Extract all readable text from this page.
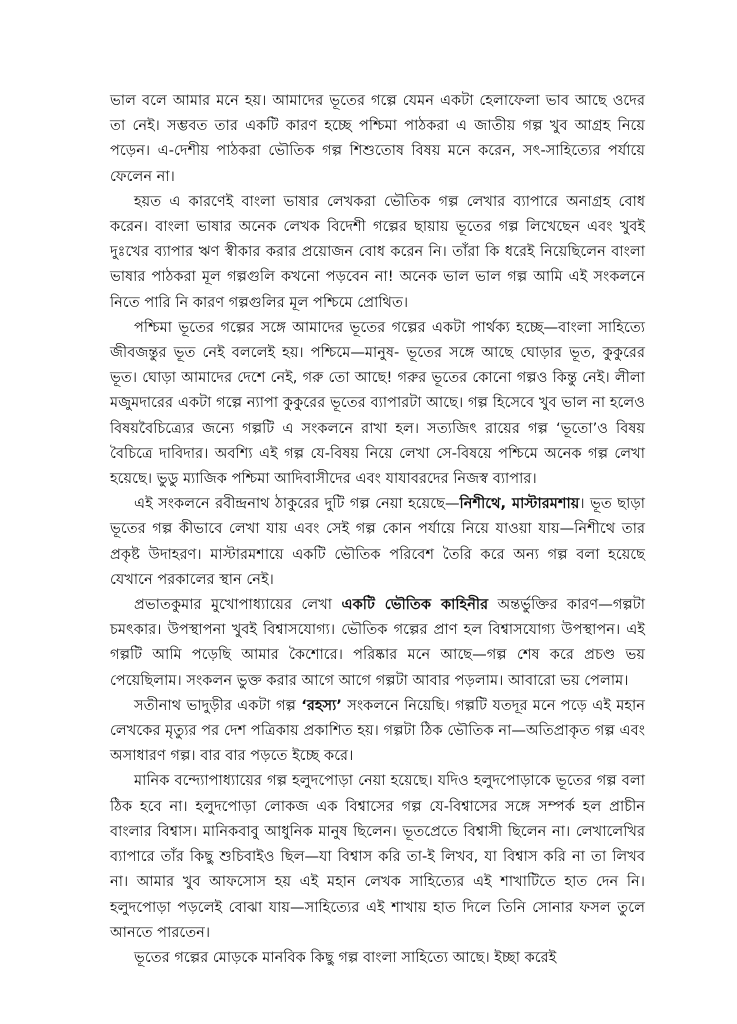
ভাল বলে আমার মনে হয়। আমাদের ভূতের গল্পে যেমন একটা হেলাফেলা ভাব আছে ওদের তা নেই। সম্ভবত তার একটি কারণ হচ্ছে পশ্চিমা পাঠকরা এ জাতীয় গল্প খুব আগ্রহ নিয়ে পড়েন। এ-দেশীয় পাঠকরা ভৌতিক গল্প শিশুতোষ বিষয় মনে করেন, সৎ-সাহিত্যের পর্যায়ে ফেলেন না।

হয়ত এ কারণেই বাংলা ভাষার লেখকরা ভৌতিক গল্প লেখার ব্যাপারে অনাগ্রহ বোধ করেন। বাংলা ভাষার অনেক লেখক বিদেশী গল্পের ছায়ায় ভূতের গল্প লিখেছেন এবং খুবই দুঃখের ব্যাপার ঋণ স্বীকার করার প্রয়োজন বোধ করেন নি। তাঁরা কি ধরেই নিয়েছিলেন বাংলা ভাষার পাঠকরা মূল গল্পগুলি কখনো পড়বেন না! অনেক ভাল ভাল গল্প আমি এই সংকলনে নিতে পারি নি কারণ গল্পগুলির মূল পশ্চিমে প্রোথিত।

পশ্চিমা ভূতের গল্পের সঙ্গে আমাদের ভূতের গল্পের একটা পার্থক্য হচ্ছে—বাংলা সাহিত্যে জীবজন্তুর ভূত নেই বললেই হয়। পশ্চিমে—মানুষ- ভূতের সঙ্গে আছে ঘোড়ার ভূত, কুকুরের ভূত। ঘোড়া আমাদের দেশে নেই, গরু তো আছে! গরুর ভূতের কোনো গল্পও কিন্তু নেই। লীলা মজুমদারের একটা গল্পে ন্যাপা কুকুরের ভূতের ব্যাপারটা আছে। গল্প হিসেবে খুব ভাল না হলেও বিষয়বৈচিত্র্যের জন্যে গল্পটি এ সংকলনে রাখা হল। সত্যজিৎ রায়ের গল্প ‘ভূতো’ও বিষয় বৈচিত্রে দাবিদার। অবশ্যি এই গল্প যে-বিষয় নিয়ে লেখা সে-বিষয়ে পশ্চিমে অনেক গল্প লেখা হয়েছে। ভুডু ম্যাজিক পশ্চিমা আদিবাসীদের এবং যাযাবরদের নিজস্ব ব্যাপার।

এই সংকলনে রবীন্দ্রনাথ ঠাকুরের দুটি গল্প নেয়া হয়েছে—নিশীথে, মাস্টারমশায়। ভূত ছাড়া ভূতের গল্প কীভাবে লেখা যায় এবং সেই গল্প কোন পর্যায়ে নিয়ে যাওয়া যায়—নিশীথে তার প্রকৃষ্ট উদাহরণ। মাস্টারমশায়ে একটি ভৌতিক পরিবেশ তৈরি করে অন্য গল্প বলা হয়েছে যেখানে পরকালের স্থান নেই।

প্রভাতকুমার মুখোপাধ্যায়ের লেখা একটি ভৌতিক কাহিনীর অন্তর্ভুক্তির কারণ—গল্পটা চমৎকার। উপস্থাপনা খুবই বিশ্বাসযোগ্য। ভৌতিক গল্পের প্রাণ হল বিশ্বাসযোগ্য উপস্থাপন। এই গল্পটি আমি পড়েছি আমার কৈশোরে। পরিষ্কার মনে আছে—গল্প শেষ করে প্রচণ্ড ভয় পেয়েছিলাম। সংকলন ভুক্ত করার আগে আগে গল্পটা আবার পড়লাম। আবারো ভয় পেলাম।

সতীনাথ ভাদুড়ীর একটা গল্প ‘রহস্য’ সংকলনে নিয়েছি। গল্পটি যতদূর মনে পড়ে এই মহান লেখকের মৃত্যুর পর দেশ পত্রিকায় প্রকাশিত হয়। গল্পটা ঠিক ভৌতিক না—অতিপ্রাকৃত গল্প এবং অসাধারণ গল্প। বার বার পড়তে ইচ্ছে করে।

মানিক বন্দ্যোপাধ্যায়ের গল্প হলুদপোড়া নেয়া হয়েছে। যদিও হলুদপোড়াকে ভূতের গল্প বলা ঠিক হবে না। হলুদপোড়া লোকজ এক বিশ্বাসের গল্প যে-বিশ্বাসের সঙ্গে সম্পর্ক হল প্রাচীন বাংলার বিশ্বাস। মানিকবাবু আধুনিক মানুষ ছিলেন। ভূতপ্রেতে বিশ্বাসী ছিলেন না। লেখালেখির ব্যাপারে তাঁর কিছু শুচিবাইও ছিল—যা বিশ্বাস করি তা-ই লিখব, যা বিশ্বাস করি না তা লিখব না। আমার খুব আফসোস হয় এই মহান লেখক সাহিত্যের এই শাখাটিতে হাত দেন নি। হলুদপোড়া পড়লেই বোঝা যায়—সাহিত্যের এই শাখায় হাত দিলে তিনি সোনার ফসল তুলে আনতে পারতেন।

ভূতের গল্পের মোড়কে মানবিক কিছু গল্প বাংলা সাহিত্যে আছে। ইচ্ছা করেই
